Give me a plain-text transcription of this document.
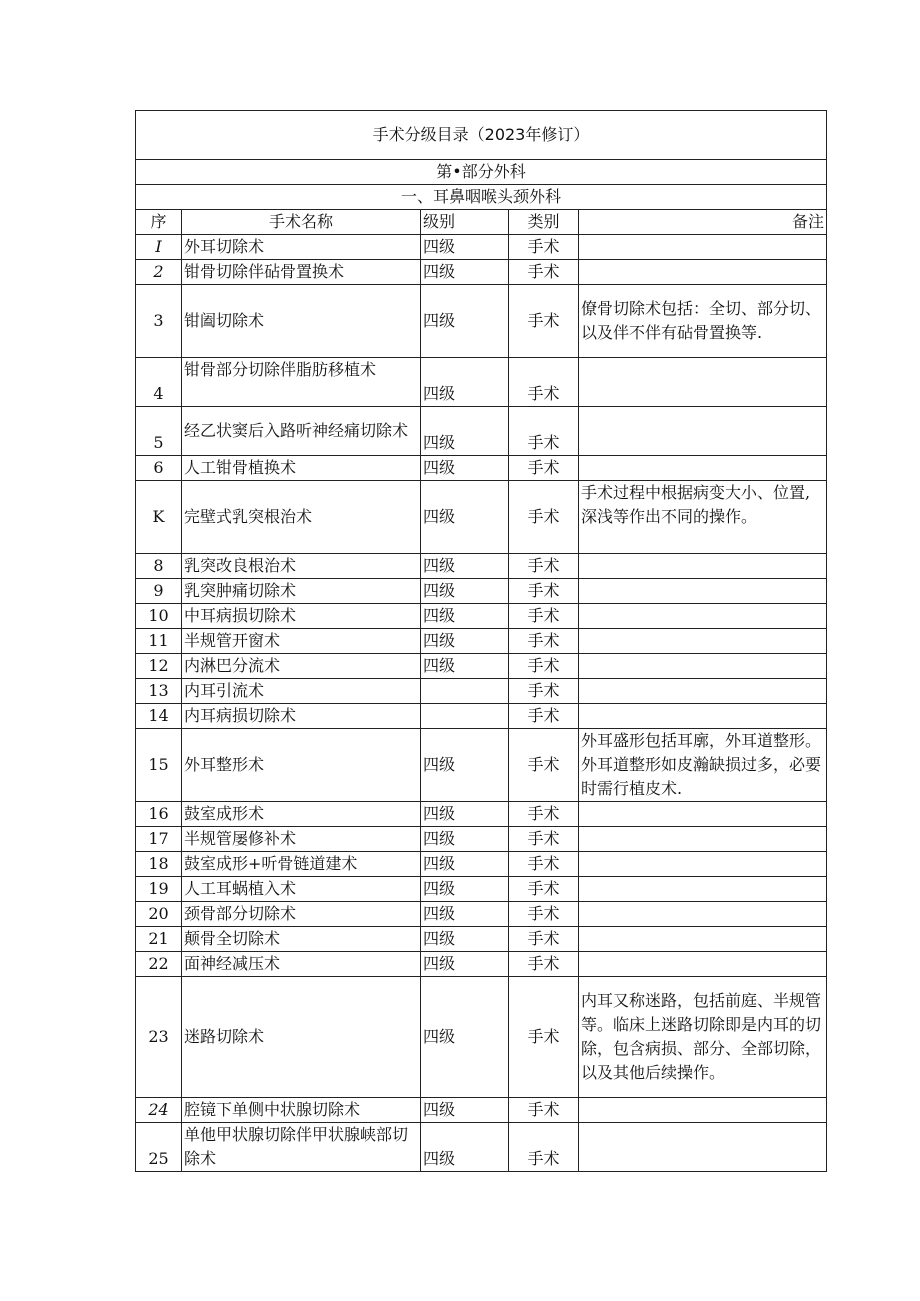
手术分级目录（2023年修订）				
第•部分外科				
一、耳鼻咽喉头颈外科				
序	手术名称	级别	类别	备注
I	外耳切除术	四级	手术	
2	钳骨切除伴砧骨置换术	四级	手术	
3	钳阖切除术	四级	手术	僚骨切除术包括：全切、部分切、以及伴不伴有砧骨置换等.
4	钳骨部分切除伴脂肪移植术	四级	手术	
5	经乙状窦后入路听神经痛切除术	四级	手术	
6	人工钳骨植换术	四级	手术	
K	完壁式乳突根治术	四级	手术	手术过程中根据病变大小、位置,深浅等作出不同的操作。
8	乳突改良根治术	四级	手术	
9	乳突肿痛切除术	四级	手术	
10	中耳病损切除术	四级	手术	
11	半规管开窗术	四级	手术	
12	内淋巴分流术	四级	手术	
13	内耳引流术		手术	
14	内耳病损切除术		手术	
15	外耳整形术	四级	手术	外耳盛形包括耳廓，外耳道整形。外耳道整形如皮瀚缺损过多，必要时需行植皮术.
16	鼓室成形术	四级	手术	
17	半规管屡修补术	四级	手术	
18	鼓室成形+听骨链道建术	四级	手术	
19	人工耳蜗植入术	四级	手术	
20	颈骨部分切除术	四级	手术	
21	颠骨全切除术	四级	手术	
22	面神经减压术	四级	手术	
23	迷路切除术	四级	手术	内耳又称迷路，包括前庭、半规管等。临床上迷路切除即是内耳的切除，包含病损、部分、全部切除，以及其他后续操作。
24	腔镜下单侧中状腺切除术	四级	手术	
25	单他甲状腺切除伴甲状腺峡部切除术	四级	手术	
